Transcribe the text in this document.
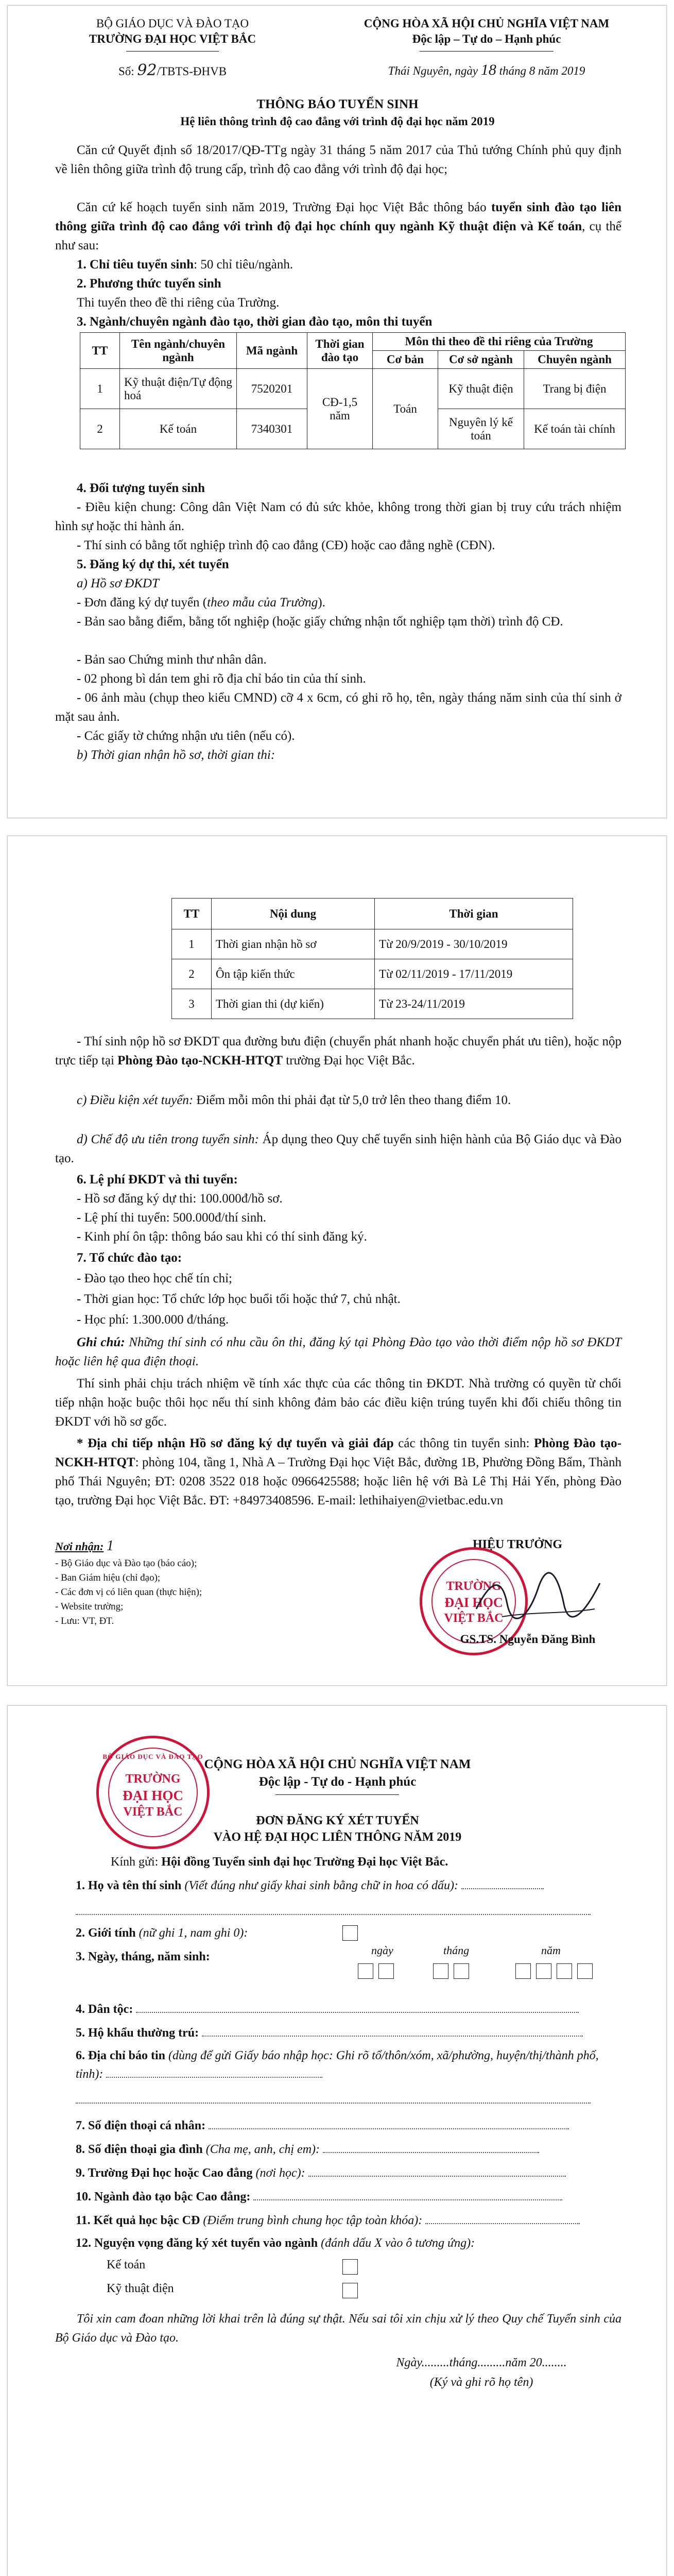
BỘ GIÁO DỤC VÀ ĐÀO TẠO
TRƯỜNG ĐẠI HỌC VIỆT BẮC
Số: 92/TBTS-ĐHVB
CỘNG HÒA XÃ HỘI CHỦ NGHĨA VIỆT NAM
Độc lập – Tự do – Hạnh phúc
Thái Nguyên, ngày 18 tháng 8 năm 2019
THÔNG BÁO TUYỂN SINH
Hệ liên thông trình độ cao đẳng với trình độ đại học năm 2019
Căn cứ Quyết định số 18/2017/QĐ-TTg ngày 31 tháng 5 năm 2017 của Thủ tướng Chính phủ quy định về liên thông giữa trình độ trung cấp, trình độ cao đẳng với trình độ đại học;
Căn cứ kế hoạch tuyển sinh năm 2019, Trường Đại học Việt Bắc thông báo tuyển sinh đào tạo liên thông giữa trình độ cao đẳng với trình độ đại học chính quy ngành Kỹ thuật điện và Kế toán, cụ thể như sau:
1. Chỉ tiêu tuyển sinh: 50 chỉ tiêu/ngành.
2. Phương thức tuyển sinh
Thi tuyển theo đề thi riêng của Trường.
3. Ngành/chuyên ngành đào tạo, thời gian đào tạo, môn thi tuyển
TT	Tên ngành/chuyên ngành	Mã ngành	Thời gian đào tạo	Môn thi theo đề thi riêng của Trường		
				Cơ bản	Cơ sở ngành	Chuyên ngành
1	Kỹ thuật điện/Tự động hoá	7520201	CĐ-1,5 năm	Toán	Kỹ thuật điện	Trang bị điện
2	Kế toán	7340301			Nguyên lý kế toán	Kế toán tài chính
4. Đối tượng tuyển sinh
- Điều kiện chung: Công dân Việt Nam có đủ sức khỏe, không trong thời gian bị truy cứu trách nhiệm hình sự hoặc thi hành án.
- Thí sinh có bằng tốt nghiệp trình độ cao đẳng (CĐ) hoặc cao đẳng nghề (CĐN).
5. Đăng ký dự thi, xét tuyển
a) Hồ sơ ĐKDT
- Đơn đăng ký dự tuyển (theo mẫu của Trường).
- Bản sao bằng điểm, bằng tốt nghiệp (hoặc giấy chứng nhận tốt nghiệp tạm thời) trình độ CĐ.
- Bản sao Chứng minh thư nhân dân.
- 02 phong bì dán tem ghi rõ địa chỉ báo tin của thí sinh.
- 06 ảnh màu (chụp theo kiểu CMND) cỡ 4 x 6cm, có ghi rõ họ, tên, ngày tháng năm sinh của thí sinh ở mặt sau ảnh.
- Các giấy tờ chứng nhận ưu tiên (nếu có).
b) Thời gian nhận hồ sơ, thời gian thi:
TT	Nội dung	Thời gian
1	Thời gian nhận hồ sơ	Từ 20/9/2019 - 30/10/2019
2	Ôn tập kiến thức	Từ 02/11/2019 - 17/11/2019
3	Thời gian thi (dự kiến)	Từ 23-24/11/2019
- Thí sinh nộp hồ sơ ĐKDT qua đường bưu điện (chuyển phát nhanh hoặc chuyển phát ưu tiên), hoặc nộp trực tiếp tại Phòng Đào tạo-NCKH-HTQT trường Đại học Việt Bắc.
c) Điều kiện xét tuyển: Điểm mỗi môn thi phải đạt từ 5,0 trở lên theo thang điểm 10.
d) Chế độ ưu tiên trong tuyển sinh: Áp dụng theo Quy chế tuyển sinh hiện hành của Bộ Giáo dục và Đào tạo.
6. Lệ phí ĐKDT và thi tuyển:
- Hồ sơ đăng ký dự thi: 100.000đ/hồ sơ.
- Lệ phí thi tuyển: 500.000đ/thí sinh.
- Kinh phí ôn tập: thông báo sau khi có thí sinh đăng ký.
7. Tổ chức đào tạo:
- Đào tạo theo học chế tín chỉ;
- Thời gian học: Tổ chức lớp học buổi tối hoặc thứ 7, chủ nhật.
- Học phí: 1.300.000 đ/tháng.
Ghi chú: Những thí sinh có nhu cầu ôn thi, đăng ký tại Phòng Đào tạo vào thời điểm nộp hồ sơ ĐKDT hoặc liên hệ qua điện thoại.
Thí sinh phải chịu trách nhiệm về tính xác thực của các thông tin ĐKDT. Nhà trường có quyền từ chối tiếp nhận hoặc buộc thôi học nếu thí sinh không đảm bảo các điều kiện trúng tuyển khi đối chiếu thông tin ĐKDT với hồ sơ gốc.
* Địa chỉ tiếp nhận Hồ sơ đăng ký dự tuyển và giải đáp các thông tin tuyển sinh: Phòng Đào tạo-NCKH-HTQT: phòng 104, tầng 1, Nhà A – Trường Đại học Việt Bắc, đường 1B, Phường Đồng Bẩm, Thành phố Thái Nguyên; ĐT: 0208 3522 018 hoặc 0966425588; hoặc liên hệ với Bà Lê Thị Hải Yến, phòng Đào tạo, trường Đại học Việt Bắc. ĐT: +84973408596. E-mail: lethihaiyen@vietbac.edu.vn
Nơi nhận: 1
- Bộ Giáo dục và Đào tạo (báo cáo);
- Ban Giám hiệu (chỉ đạo);
- Các đơn vị có liên quan (thực hiện);
- Website trường;
- Lưu: VT, ĐT.
HIỆU TRƯỞNG
TRƯỜNG
ĐẠI HỌC
VIỆT BẮC
GS.TS. Nguyễn Đăng Bình
BỘ GIÁO DỤC VÀ ĐÀO TẠO
TRƯỜNG
ĐẠI HỌC
VIỆT BẮC
CỘNG HÒA XÃ HỘI CHỦ NGHĨA VIỆT NAM
Độc lập - Tự do - Hạnh phúc
ĐƠN ĐĂNG KÝ XÉT TUYỂN
VÀO HỆ ĐẠI HỌC LIÊN THÔNG NĂM 2019
Kính gửi: Hội đồng Tuyển sinh đại học Trường Đại học Việt Bắc.
1. Họ và tên thí sinh (Viết đúng như giấy khai sinh bằng chữ in hoa có dấu):
2. Giới tính (nữ ghi 1, nam ghi 0):
3. Ngày, tháng, năm sinh:	ngày	tháng	năm
4. Dân tộc:
5. Hộ khẩu thường trú:
6. Địa chỉ báo tin (dùng để gửi Giấy báo nhập học: Ghi rõ tổ/thôn/xóm, xã/phường, huyện/thị/thành phố, tỉnh):
7. Số điện thoại cá nhân:
8. Số điện thoại gia đình (Cha mẹ, anh, chị em):
9. Trường Đại học hoặc Cao đẳng (nơi học):
10. Ngành đào tạo bậc Cao đẳng:
11. Kết quả học bậc CĐ (Điểm trung bình chung học tập toàn khóa):
12. Nguyện vọng đăng ký xét tuyển vào ngành (đánh dấu X vào ô tương ứng):
Kế toán
Kỹ thuật điện
Tôi xin cam đoan những lời khai trên là đúng sự thật. Nếu sai tôi xin chịu xử lý theo Quy chế Tuyển sinh của Bộ Giáo dục và Đào tạo.
Ngày.........tháng.........năm 20........
(Ký và ghi rõ họ tên)
